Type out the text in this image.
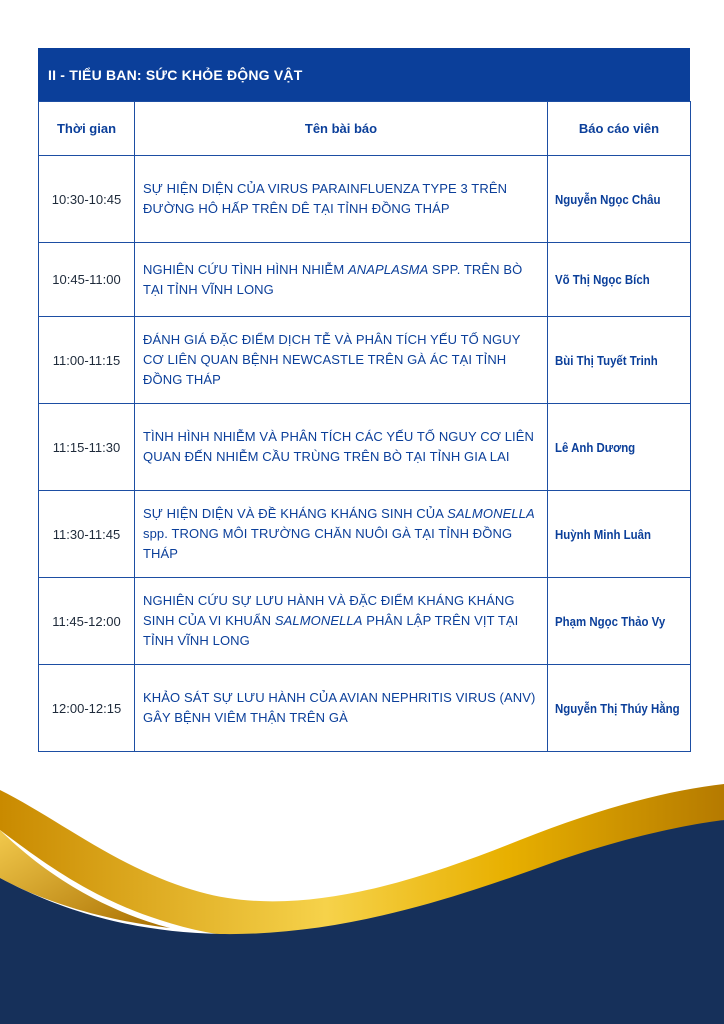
II - TIỂU BAN: SỨC KHỎE ĐỘNG VẬT
Thời gian	Tên bài báo	Báo cáo viên
10:30-10:45	SỰ HIỆN DIỆN CỦA VIRUS PARAINFLUENZA TYPE 3 TRÊN ĐƯỜNG HÔ HẤP TRÊN DÊ TẠI TỈNH ĐỒNG THÁP	Nguyễn Ngọc Châu
10:45-11:00	NGHIÊN CỨU TÌNH HÌNH NHIỄM ANAPLASMA SPP. TRÊN BÒ TẠI TỈNH VĨNH LONG	Võ Thị Ngọc Bích
11:00-11:15	ĐÁNH GIÁ ĐẶC ĐIỂM DỊCH TỄ VÀ PHÂN TÍCH YẾU TỐ NGUY CƠ LIÊN QUAN BỆNH NEWCASTLE TRÊN GÀ ÁC TẠI TỈNH ĐỒNG THÁP	Bùi Thị Tuyết Trinh
11:15-11:30	TÌNH HÌNH NHIỄM VÀ PHÂN TÍCH CÁC YẾU TỐ NGUY CƠ LIÊN QUAN ĐẾN NHIỄM CẦU TRÙNG TRÊN BÒ TẠI TỈNH GIA LAI	Lê Anh Dương
11:30-11:45	SỰ HIỆN DIỆN VÀ ĐỀ KHÁNG KHÁNG SINH CỦA SALMONELLA spp. TRONG MÔI TRƯỜNG CHĂN NUÔI GÀ TẠI TỈNH ĐỒNG THÁP	Huỳnh Minh Luân
11:45-12:00	NGHIÊN CỨU SỰ LƯU HÀNH VÀ ĐẶC ĐIỂM KHÁNG KHÁNG SINH CỦA VI KHUẨN SALMONELLA PHÂN LẬP TRÊN VỊT TẠI TỈNH VĨNH LONG	Phạm Ngọc Thảo Vy
12:00-12:15	KHẢO SÁT SỰ LƯU HÀNH CỦA AVIAN NEPHRITIS VIRUS (ANV) GÂY BỆNH VIÊM THẬN TRÊN GÀ	Nguyễn Thị Thúy Hằng
